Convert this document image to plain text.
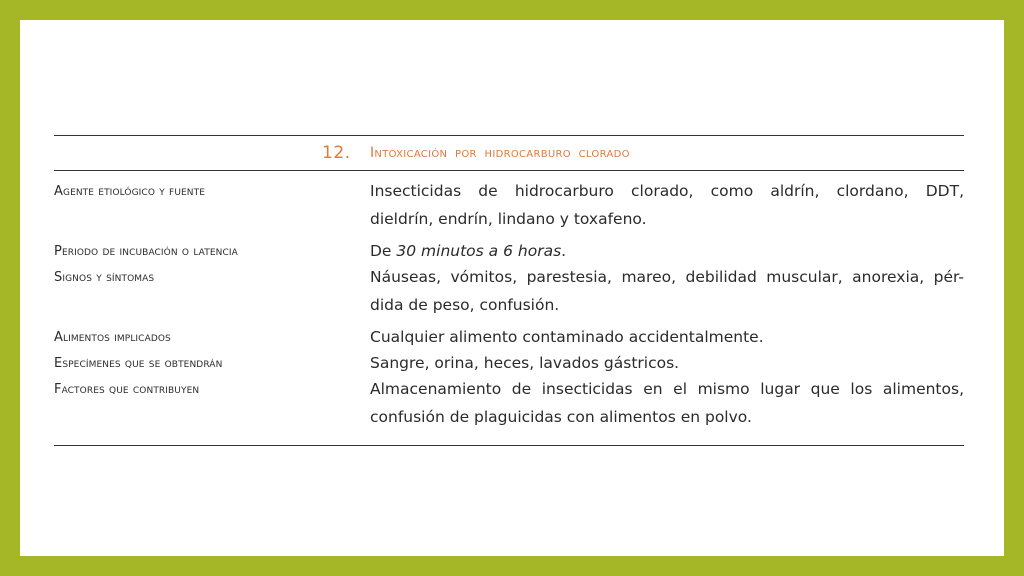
12. Intoxicación por hidrocarburo clorado
Agente etiológico y fuente	Insecticidas de hidrocarburo clorado, como aldrín, clordano, DDT,
dieldrín, endrín, lindano y toxafeno.
Periodo de incubación o latencia	De 30 minutos a 6 horas.
Signos y síntomas	Náuseas, vómitos, parestesia, mareo, debilidad muscular, anorexia, pér-
dida de peso, confusión.
Alimentos implicados	Cualquier alimento contaminado accidentalmente.
Especímenes que se obtendrán	Sangre, orina, heces, lavados gástricos.
Factores que contribuyen	Almacenamiento de insecticidas en el mismo lugar que los alimentos,
confusión de plaguicidas con alimentos en polvo.
